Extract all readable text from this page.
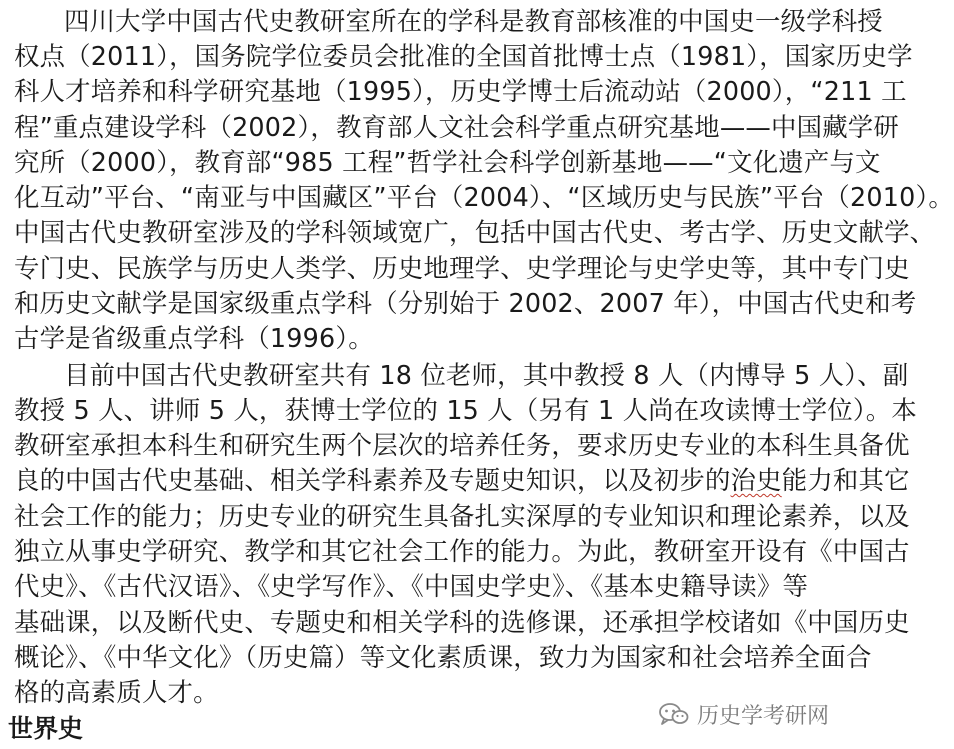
四川大学中国古代史教研室所在的学科是教育部核准的中国史一级学科授
权点（2011），国务院学位委员会批准的全国首批博士点（1981），国家历史学
科人才培养和科学研究基地（1995），历史学博士后流动站（2000），“211 工
程”重点建设学科（2002），教育部人文社会科学重点研究基地——中国藏学研
究所（2000），教育部“985 工程”哲学社会科学创新基地——“文化遗产与文
化互动”平台、“南亚与中国藏区”平台（2004）、“区域历史与民族”平台（2010）。
中国古代史教研室涉及的学科领域宽广，包括中国古代史、考古学、历史文献学、
专门史、民族学与历史人类学、历史地理学、史学理论与史学史等，其中专门史
和历史文献学是国家级重点学科（分别始于 2002、2007 年），中国古代史和考
古学是省级重点学科（1996）。
目前中国古代史教研室共有 18 位老师，其中教授 8 人（内博导 5 人）、副
教授 5 人、讲师 5 人，获博士学位的 15 人（另有 1 人尚在攻读博士学位）。本
教研室承担本科生和研究生两个层次的培养任务，要求历史专业的本科生具备优
良的中国古代史基础、相关学科素养及专题史知识，以及初步的治史能力和其它
社会工作的能力；历史专业的研究生具备扎实深厚的专业知识和理论素养，以及
独立从事史学研究、教学和其它社会工作的能力。为此，教研室开设有《中国古
代史》、《古代汉语》、《史学写作》、《中国史学史》、《基本史籍导读》等
基础课，以及断代史、专题史和相关学科的选修课，还承担学校诸如《中国历史
概论》、《中华文化》（历史篇）等文化素质课，致力为国家和社会培养全面合
格的高素质人才。
世界史	历史学考研网
